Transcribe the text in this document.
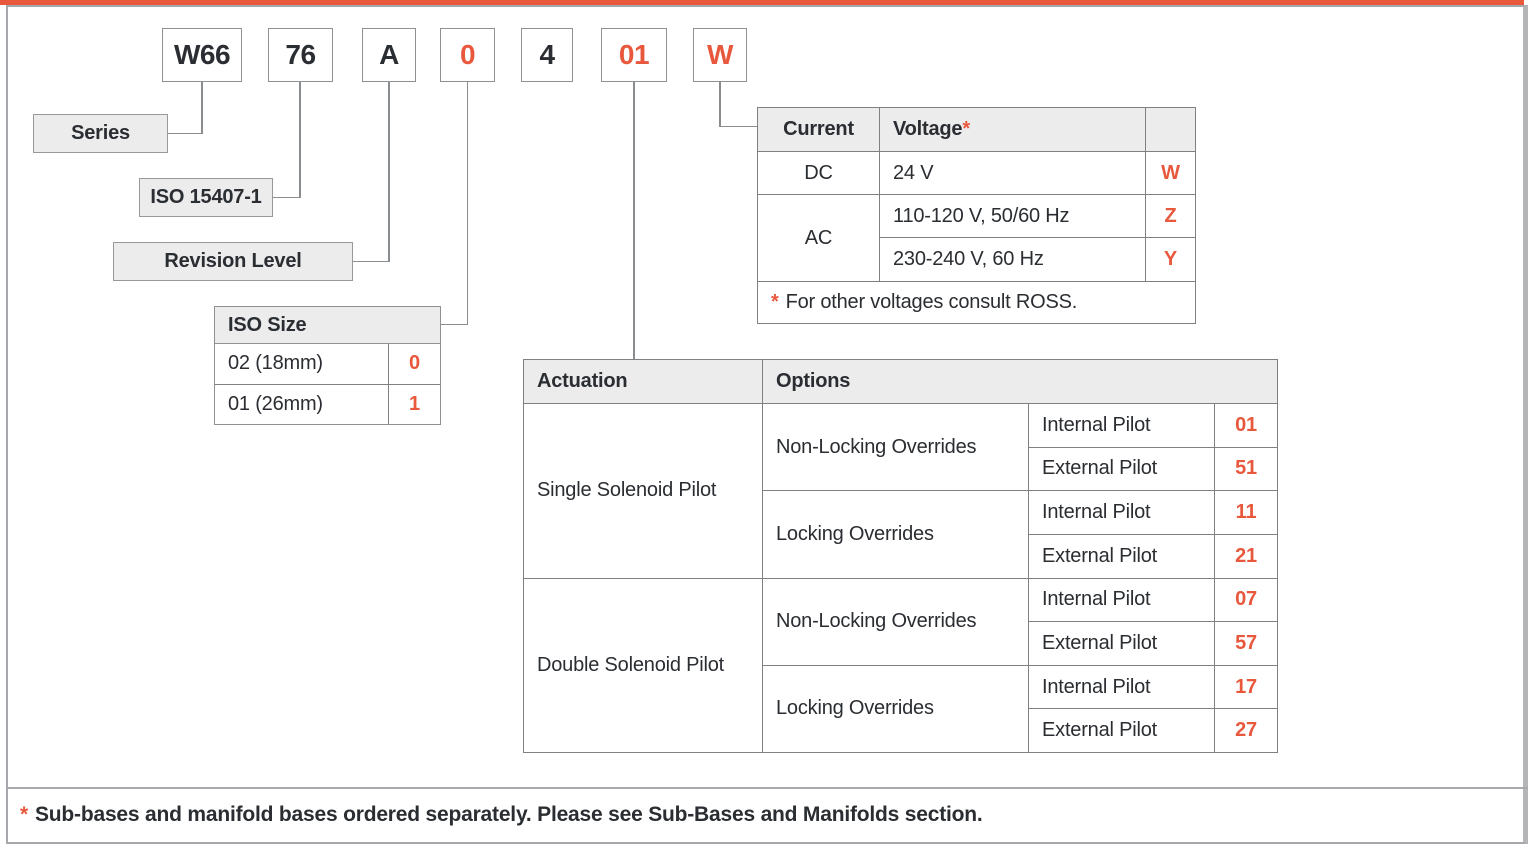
W66 76 A 0 4 01 W
Series
ISO 15407-1
Revision Level
ISO Size
02 (18mm)	0
01 (26mm)	1
Current	Voltage *
DC	24 V	W
AC
110-120 V, 50/60 Hz	Z
230-240 V, 60 Hz	Y
* For other voltages consult ROSS.
Actuation	Options
Single Solenoid Pilot
Non-Locking Overrides
Internal Pilot	01
External Pilot	51
Locking Overrides
Internal Pilot	11
External Pilot	21
Double Solenoid Pilot
Non-Locking Overrides
Internal Pilot	07
External Pilot	57
Locking Overrides
Internal Pilot	17
External Pilot	27
* Sub-bases and manifold bases ordered separately. Please see Sub-Bases and Manifolds section.
